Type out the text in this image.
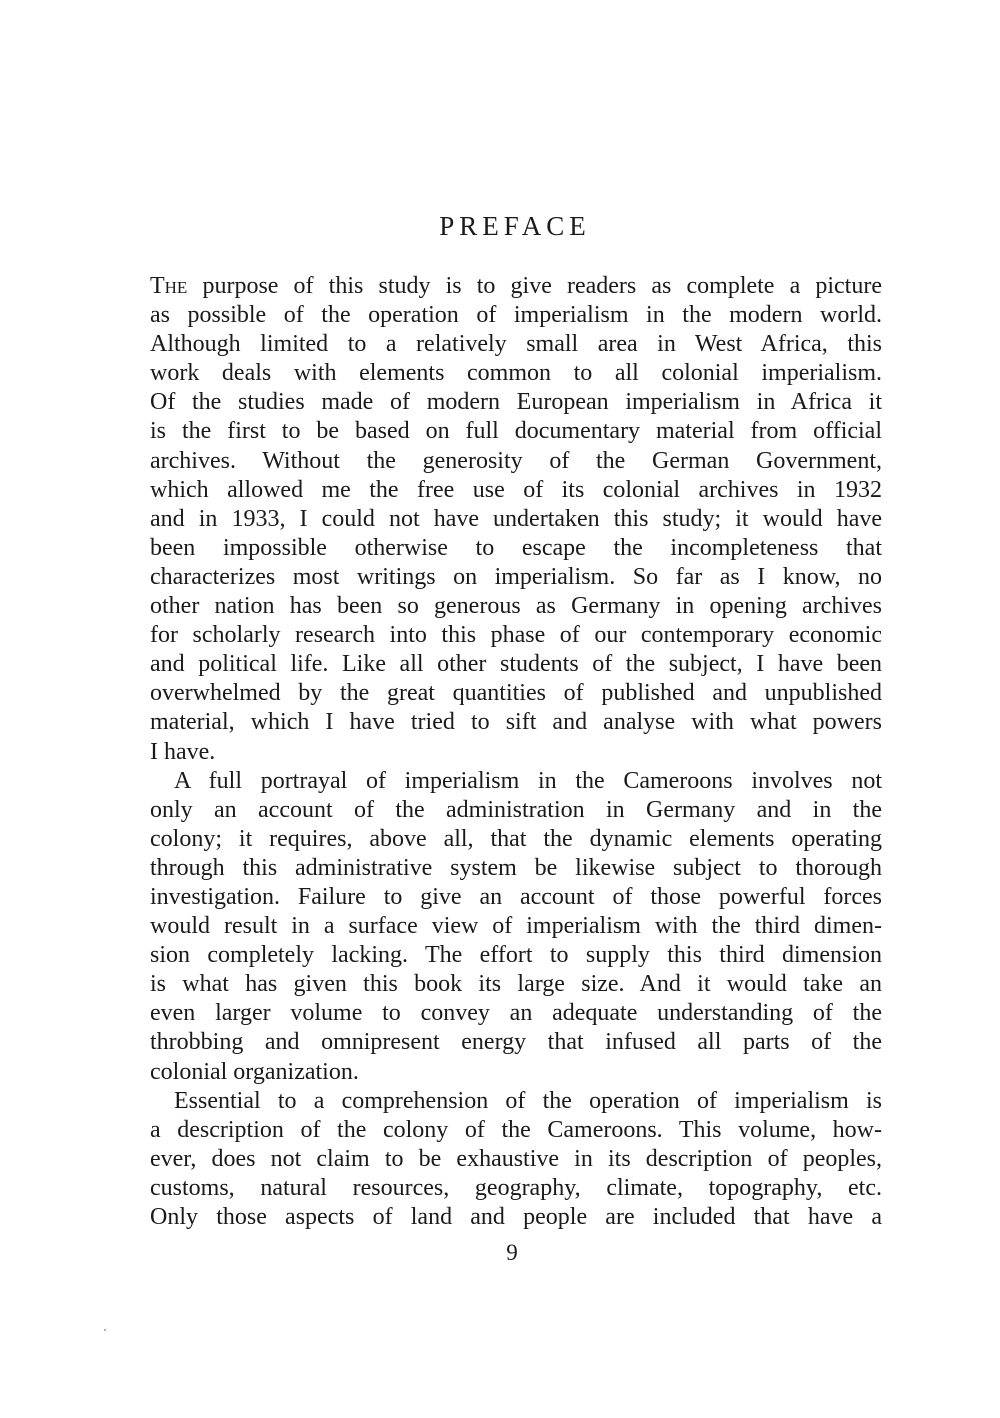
PREFACE
The purpose of this study is to give readers as complete a picture
as possible of the operation of imperialism in the modern world.
Although limited to a relatively small area in West Africa, this
work deals with elements common to all colonial imperialism.
Of the studies made of modern European imperialism in Africa it
is the first to be based on full documentary material from official
archives. Without the generosity of the German Government,
which allowed me the free use of its colonial archives in 1932
and in 1933, I could not have undertaken this study; it would have
been impossible otherwise to escape the incompleteness that
characterizes most writings on imperialism. So far as I know, no
other nation has been so generous as Germany in opening archives
for scholarly research into this phase of our contemporary economic
and political life. Like all other students of the subject, I have been
overwhelmed by the great quantities of published and unpublished
material, which I have tried to sift and analyse with what powers
I have.
A full portrayal of imperialism in the Cameroons involves not
only an account of the administration in Germany and in the
colony; it requires, above all, that the dynamic elements operating
through this administrative system be likewise subject to thorough
investigation. Failure to give an account of those powerful forces
would result in a surface view of imperialism with the third dimen-
sion completely lacking. The effort to supply this third dimension
is what has given this book its large size. And it would take an
even larger volume to convey an adequate understanding of the
throbbing and omnipresent energy that infused all parts of the
colonial organization.
Essential to a comprehension of the operation of imperialism is
a description of the colony of the Cameroons. This volume, how-
ever, does not claim to be exhaustive in its description of peoples,
customs, natural resources, geography, climate, topography, etc.
Only those aspects of land and people are included that have a
9
